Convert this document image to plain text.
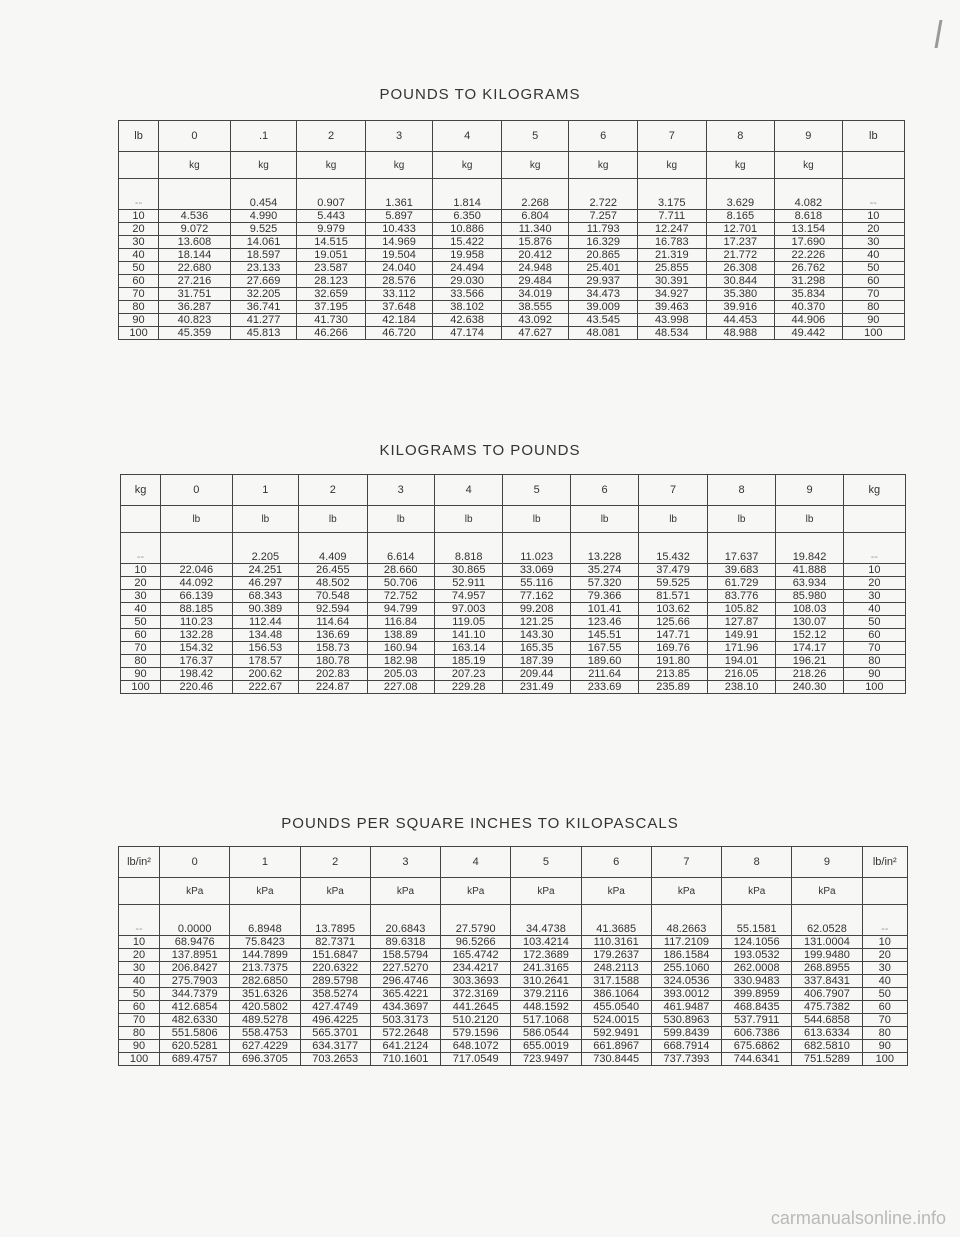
POUNDS TO KILOGRAMS
lb	0	.1	2	3	4	5	6	7	8	9	lb
	kg	kg	kg	kg	kg	kg	kg	kg	kg	kg	
--		0.454	0.907	1.361	1.814	2.268	2.722	3.175	3.629	4.082	--
10	4.536	4.990	5.443	5.897	6.350	6.804	7.257	7.711	8.165	8.618	10
20	9.072	9.525	9.979	10.433	10.886	11.340	11.793	12.247	12.701	13.154	20
30	13.608	14.061	14.515	14.969	15.422	15.876	16.329	16.783	17.237	17.690	30
40	18.144	18.597	19.051	19.504	19.958	20.412	20.865	21.319	21.772	22.226	40
50	22.680	23.133	23.587	24.040	24.494	24.948	25.401	25.855	26.308	26.762	50
60	27.216	27.669	28.123	28.576	29.030	29.484	29.937	30.391	30.844	31.298	60
70	31.751	32.205	32.659	33.112	33.566	34.019	34.473	34.927	35.380	35.834	70
80	36.287	36.741	37.195	37.648	38.102	38.555	39.009	39.463	39.916	40.370	80
90	40.823	41.277	41.730	42.184	42.638	43.092	43.545	43.998	44.453	44.906	90
100	45.359	45.813	46.266	46.720	47.174	47.627	48.081	48.534	48.988	49.442	100
KILOGRAMS TO POUNDS
kg	0	1	2	3	4	5	6	7	8	9	kg
	lb	lb	lb	lb	lb	lb	lb	lb	lb	lb	
--		2.205	4.409	6.614	8.818	11.023	13.228	15.432	17.637	19.842	--
10	22.046	24.251	26.455	28.660	30.865	33.069	35.274	37.479	39.683	41.888	10
20	44.092	46.297	48.502	50.706	52.911	55.116	57.320	59.525	61.729	63.934	20
30	66.139	68.343	70.548	72.752	74.957	77.162	79.366	81.571	83.776	85.980	30
40	88.185	90.389	92.594	94.799	97.003	99.208	101.41	103.62	105.82	108.03	40
50	110.23	112.44	114.64	116.84	119.05	121.25	123.46	125.66	127.87	130.07	50
60	132.28	134.48	136.69	138.89	141.10	143.30	145.51	147.71	149.91	152.12	60
70	154.32	156.53	158.73	160.94	163.14	165.35	167.55	169.76	171.96	174.17	70
80	176.37	178.57	180.78	182.98	185.19	187.39	189.60	191.80	194.01	196.21	80
90	198.42	200.62	202.83	205.03	207.23	209.44	211.64	213.85	216.05	218.26	90
100	220.46	222.67	224.87	227.08	229.28	231.49	233.69	235.89	238.10	240.30	100
POUNDS PER SQUARE INCHES TO KILOPASCALS
lb/in²	0	1	2	3	4	5	6	7	8	9	lb/in²
	kPa	kPa	kPa	kPa	kPa	kPa	kPa	kPa	kPa	kPa	
--	0.0000	6.8948	13.7895	20.6843	27.5790	34.4738	41.3685	48.2663	55.1581	62.0528	--
10	68.9476	75.8423	82.7371	89.6318	96.5266	103.4214	110.3161	117.2109	124.1056	131.0004	10
20	137.8951	144.7899	151.6847	158.5794	165.4742	172.3689	179.2637	186.1584	193.0532	199.9480	20
30	206.8427	213.7375	220.6322	227.5270	234.4217	241.3165	248.2113	255.1060	262.0008	268.8955	30
40	275.7903	282.6850	289.5798	296.4746	303.3693	310.2641	317.1588	324.0536	330.9483	337.8431	40
50	344.7379	351.6326	358.5274	365.4221	372.3169	379.2116	386.1064	393.0012	399.8959	406.7907	50
60	412.6854	420.5802	427.4749	434.3697	441.2645	448.1592	455.0540	461.9487	468.8435	475.7382	60
70	482.6330	489.5278	496.4225	503.3173	510.2120	517.1068	524.0015	530.8963	537.7911	544.6858	70
80	551.5806	558.4753	565.3701	572.2648	579.1596	586.0544	592.9491	599.8439	606.7386	613.6334	80
90	620.5281	627.4229	634.3177	641.2124	648.1072	655.0019	661.8967	668.7914	675.6862	682.5810	90
100	689.4757	696.3705	703.2653	710.1601	717.0549	723.9497	730.8445	737.7393	744.6341	751.5289	100
carmanualsonline.info
